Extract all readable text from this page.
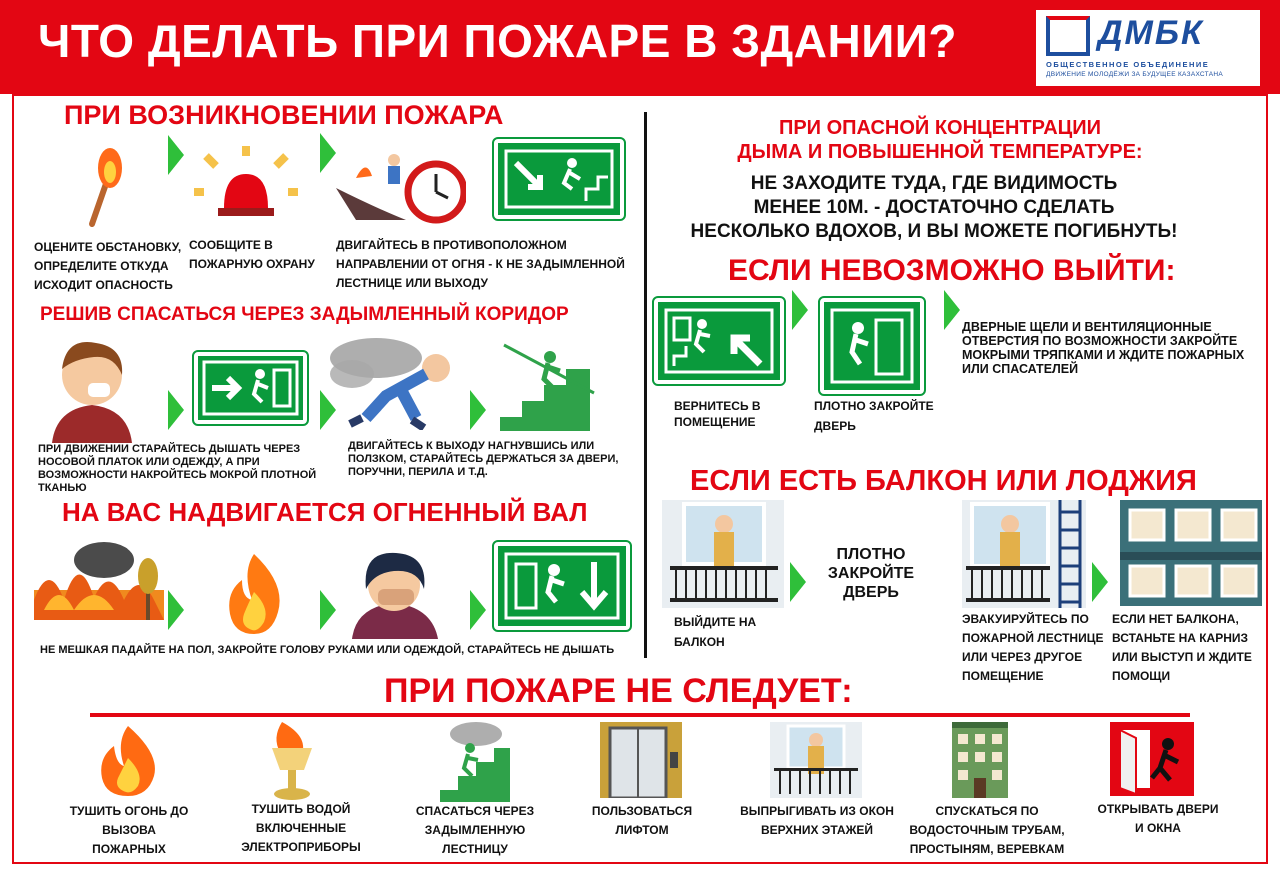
ЧТО ДЕЛАТЬ ПРИ ПОЖАРЕ В ЗДАНИИ?	ДМБК
ОБЩЕСТВЕННОЕ ОБЪЕДИНЕНИЕ
ДВИЖЕНИЕ МОЛОДЁЖИ ЗА БУДУЩЕЕ КАЗАХСТАНА
ПРИ ВОЗНИКНОВЕНИИ ПОЖАРА
ОЦЕНИТЕ ОБСТАНОВКУ, ОПРЕДЕЛИТЕ ОТКУДА ИСХОДИТ ОПАСНОСТЬ
СООБЩИТЕ В ПОЖАРНУЮ ОХРАНУ
ДВИГАЙТЕСЬ В ПРОТИВОПОЛОЖНОМ НАПРАВЛЕНИИ ОТ ОГНЯ - К НЕ ЗАДЫМЛЕННОЙ ЛЕСТНИЦЕ ИЛИ ВЫХОДУ
РЕШИВ СПАСАТЬСЯ ЧЕРЕЗ ЗАДЫМЛЕННЫЙ КОРИДОР
ПРИ ДВИЖЕНИИ СТАРАЙТЕСЬ ДЫШАТЬ ЧЕРЕЗ НОСОВОЙ ПЛАТОК ИЛИ ОДЕЖДУ, А ПРИ ВОЗМОЖНОСТИ НАКРОЙТЕСЬ МОКРОЙ ПЛОТНОЙ ТКАНЬЮ
ДВИГАЙТЕСЬ К ВЫХОДУ НАГНУВШИСЬ ИЛИ ПОЛЗКОМ, СТАРАЙТЕСЬ ДЕРЖАТЬСЯ ЗА ДВЕРИ, ПОРУЧНИ, ПЕРИЛА И Т.Д.
НА ВАС НАДВИГАЕТСЯ ОГНЕННЫЙ ВАЛ
НЕ МЕШКАЯ ПАДАЙТЕ НА ПОЛ, ЗАКРОЙТЕ ГОЛОВУ РУКАМИ ИЛИ ОДЕЖДОЙ, СТАРАЙТЕСЬ НЕ ДЫШАТЬ
ПРИ ОПАСНОЙ КОНЦЕНТРАЦИИ
ДЫМА И ПОВЫШЕННОЙ ТЕМПЕРАТУРЕ:
НЕ ЗАХОДИТЕ ТУДА, ГДЕ ВИДИМОСТЬ
МЕНЕЕ 10М. - ДОСТАТОЧНО СДЕЛАТЬ
НЕСКОЛЬКО ВДОХОВ, И ВЫ МОЖЕТЕ ПОГИБНУТЬ!
ЕСЛИ НЕВОЗМОЖНО ВЫЙТИ:
ВЕРНИТЕСЬ В ПОМЕЩЕНИЕ
ПЛОТНО ЗАКРОЙТЕ ДВЕРЬ
ДВЕРНЫЕ ЩЕЛИ И ВЕНТИЛЯЦИОННЫЕ ОТВЕРСТИЯ ПО ВОЗМОЖНОСТИ ЗАКРОЙТЕ МОКРЫМИ ТРЯПКАМИ И ЖДИТЕ ПОЖАРНЫХ ИЛИ СПАСАТЕЛЕЙ
ЕСЛИ ЕСТЬ БАЛКОН ИЛИ ЛОДЖИЯ
ПЛОТНО ЗАКРОЙТЕ ДВЕРЬ
ВЫЙДИТЕ НА БАЛКОН
ЭВАКУИРУЙТЕСЬ ПО ПОЖАРНОЙ ЛЕСТНИЦЕ ИЛИ ЧЕРЕЗ ДРУГОЕ ПОМЕЩЕНИЕ
ЕСЛИ НЕТ БАЛКОНА, ВСТАНЬТЕ НА КАРНИЗ ИЛИ ВЫСТУП И ЖДИТЕ ПОМОЩИ
ПРИ ПОЖАРЕ НЕ СЛЕДУЕТ:
ТУШИТЬ ОГОНЬ ДО ВЫЗОВА ПОЖАРНЫХ
ТУШИТЬ ВОДОЙ ВКЛЮЧЕННЫЕ ЭЛЕКТРОПРИБОРЫ
СПАСАТЬСЯ ЧЕРЕЗ ЗАДЫМЛЕННУЮ ЛЕСТНИЦУ
ПОЛЬЗОВАТЬСЯ ЛИФТОМ
ВЫПРЫГИВАТЬ ИЗ ОКОН ВЕРХНИХ ЭТАЖЕЙ
СПУСКАТЬСЯ ПО ВОДОСТОЧНЫМ ТРУБАМ, ПРОСТЫНЯМ, ВЕРЕВКАМ
ОТКРЫВАТЬ ДВЕРИ И ОКНА
